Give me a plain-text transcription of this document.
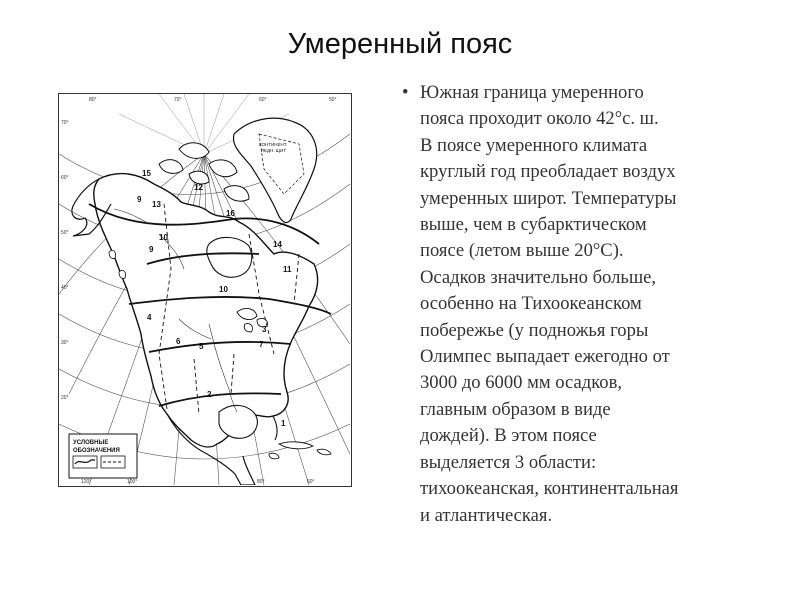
Умеренный пояс
15
9
13
16
12
10
9
14
11
10
4
6
5	7
3
2
1
КОНТИНЕНТ.
ЛЕДН. ЩИТ
80°	70°	60°	50°
120°	100°	80°	60°
70°
60°
50°
40°
30°
20°
УСЛОВНЫЕ
ОБОЗНАЧЕНИЯ
• Южная граница умеренного
пояса проходит около 42°с. ш.
В поясе умеренного климата
круглый год преобладает воздух
умеренных широт. Температуры
выше, чем в субарктическом
поясе (летом выше 20°С).
Осадков значительно больше,
особенно на Тихоокеанском
побережье (у подножья горы
Олимпес выпадает ежегодно от
3000 до 6000 мм осадков,
главным образом в виде
дождей). В этом поясе
выделяется 3 области:
тихоокеанская, континентальная
и атлантическая.
